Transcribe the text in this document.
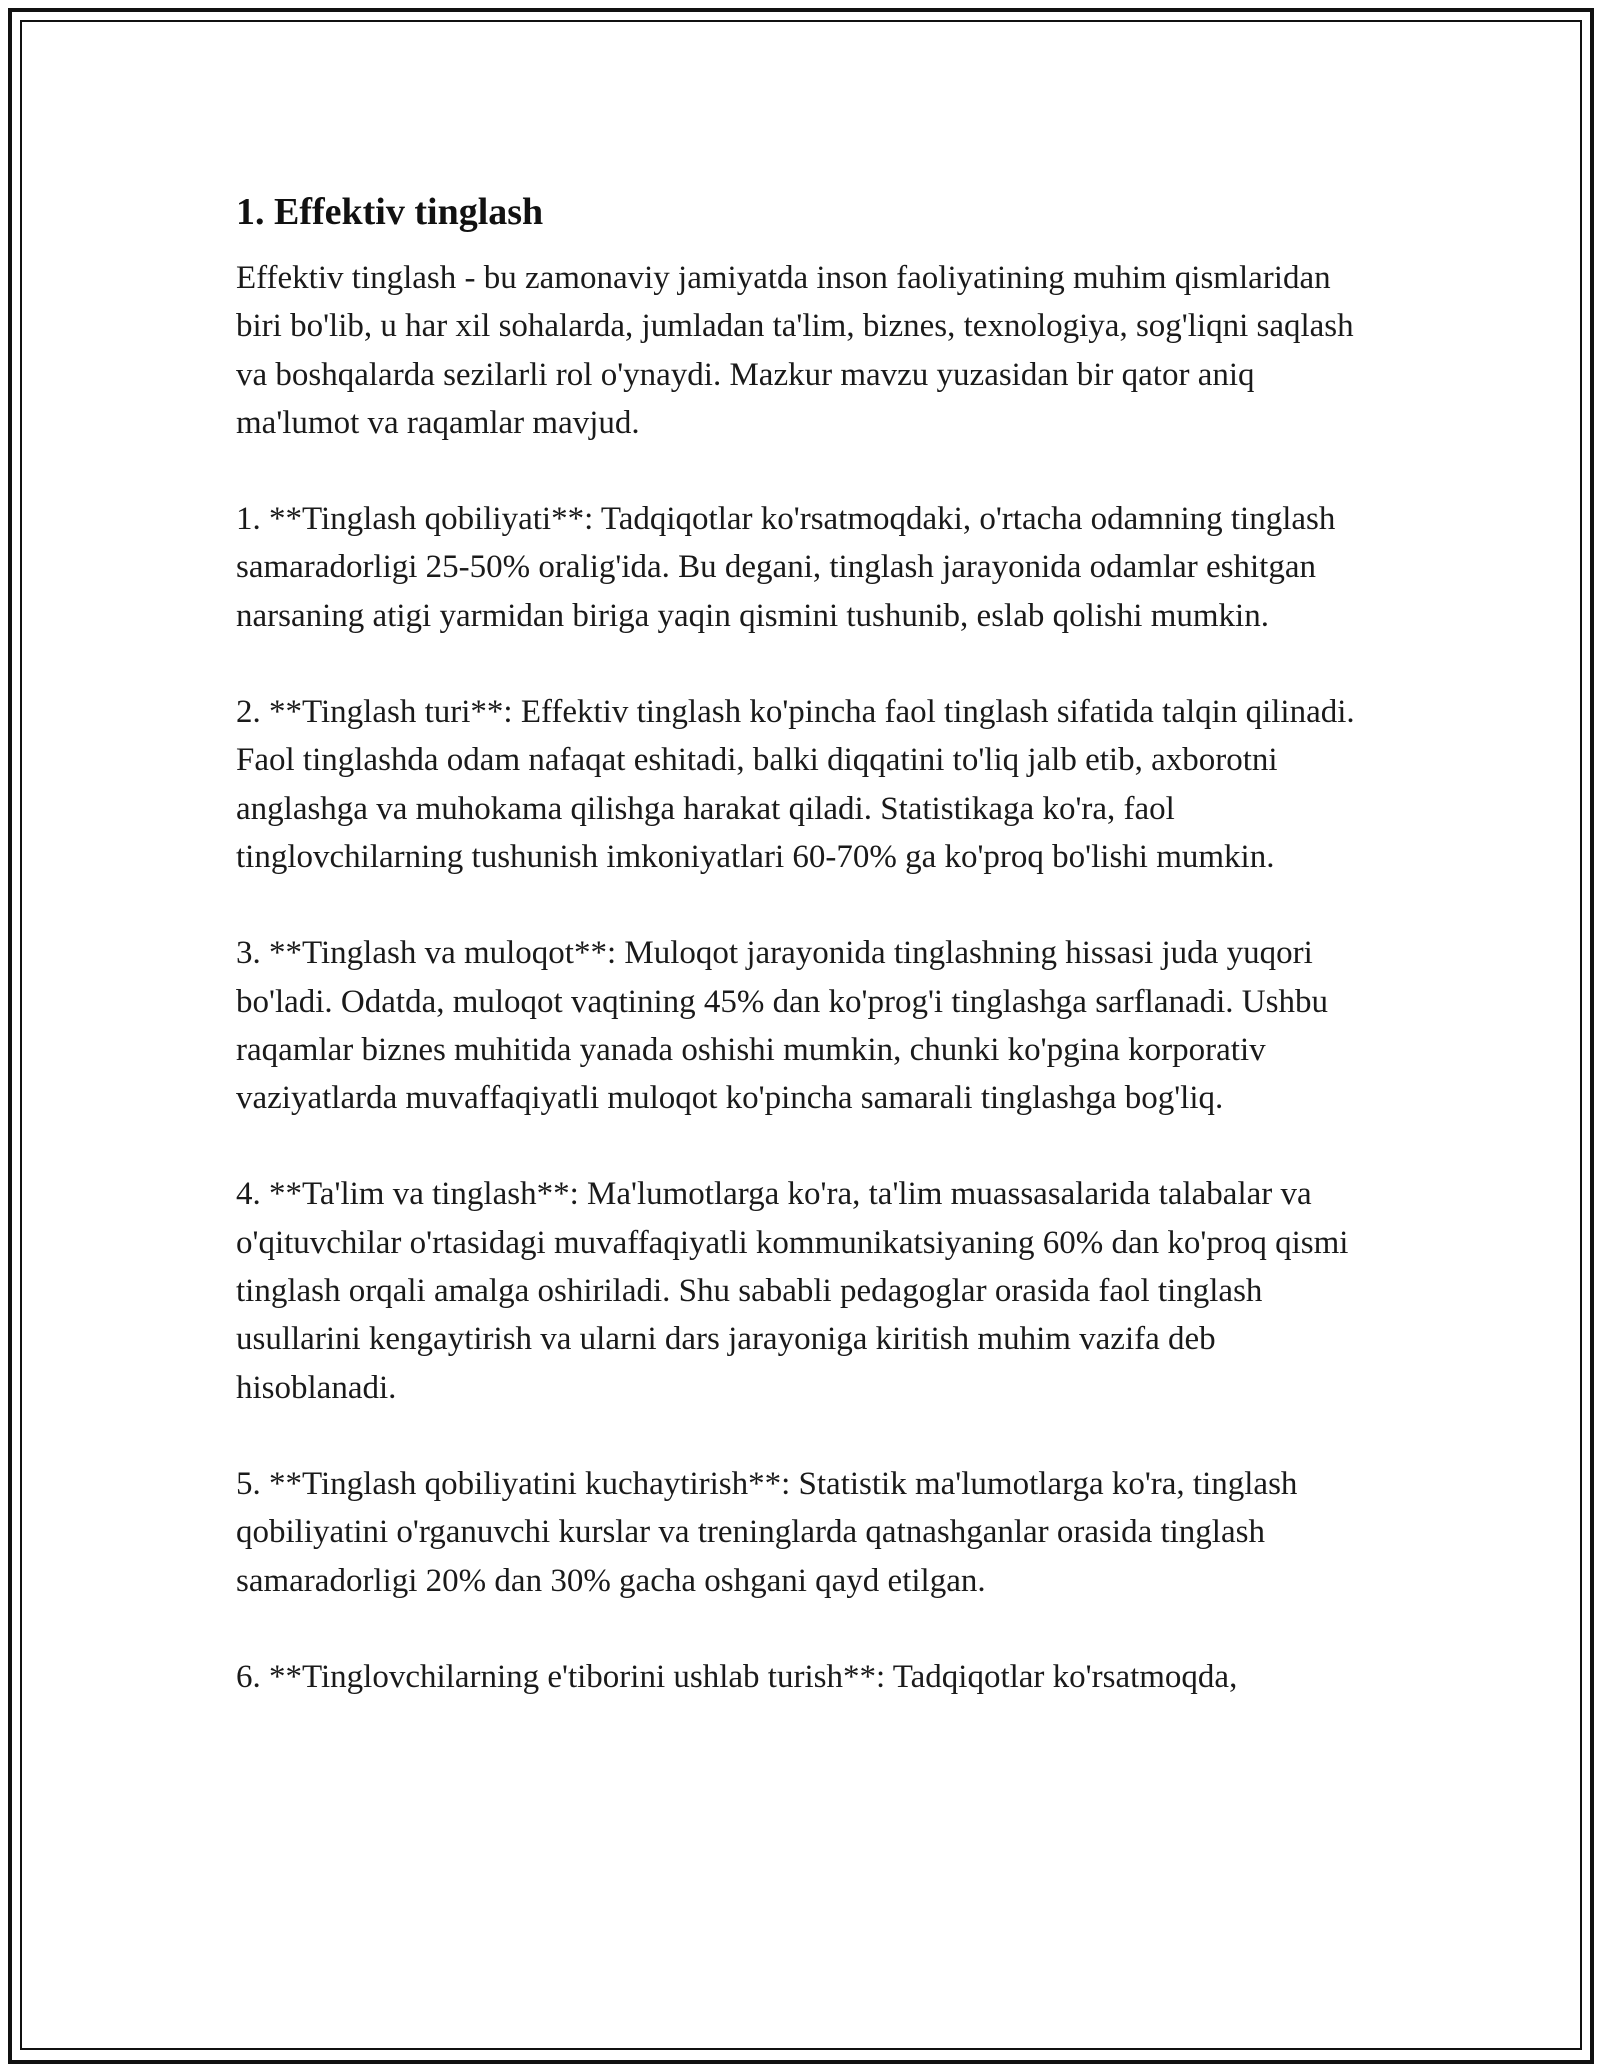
1. Effektiv tinglash

Effektiv tinglash - bu zamonaviy jamiyatda inson faoliyatining muhim qismlaridan biri bo'lib, u har xil sohalarda, jumladan ta'lim, biznes, texnologiya, sog'liqni saqlash va boshqalarda sezilarli rol o'ynaydi. Mazkur mavzu yuzasidan bir qator aniq ma'lumot va raqamlar mavjud.

1. **Tinglash qobiliyati**: Tadqiqotlar ko'rsatmoqdaki, o'rtacha odamning tinglash samaradorligi 25-50% oralig'ida. Bu degani, tinglash jarayonida odamlar eshitgan narsaning atigi yarmidan biriga yaqin qismini tushunib, eslab qolishi mumkin.

2. **Tinglash turi**: Effektiv tinglash ko'pincha faol tinglash sifatida talqin qilinadi. Faol tinglashda odam nafaqat eshitadi, balki diqqatini to'liq jalb etib, axborotni anglashga va muhokama qilishga harakat qiladi. Statistikaga ko'ra, faol tinglovchilarning tushunish imkoniyatlari 60-70% ga ko'proq bo'lishi mumkin.

3. **Tinglash va muloqot**: Muloqot jarayonida tinglashning hissasi juda yuqori bo'ladi. Odatda, muloqot vaqtining 45% dan ko'prog'i tinglashga sarflanadi. Ushbu raqamlar biznes muhitida yanada oshishi mumkin, chunki ko'pgina korporativ vaziyatlarda muvaffaqiyatli muloqot ko'pincha samarali tinglashga bog'liq.

4. **Ta'lim va tinglash**: Ma'lumotlarga ko'ra, ta'lim muassasalarida talabalar va o'qituvchilar o'rtasidagi muvaffaqiyatli kommunikatsiyaning 60% dan ko'proq qismi tinglash orqali amalga oshiriladi. Shu sababli pedagoglar orasida faol tinglash usullarini kengaytirish va ularni dars jarayoniga kiritish muhim vazifa deb hisoblanadi.

5. **Tinglash qobiliyatini kuchaytirish**: Statistik ma'lumotlarga ko'ra, tinglash qobiliyatini o'rganuvchi kurslar va treninglarda qatnashganlar orasida tinglash samaradorligi 20% dan 30% gacha oshgani qayd etilgan.

6. **Tinglovchilarning e'tiborini ushlab turish**: Tadqiqotlar ko'rsatmoqda,
